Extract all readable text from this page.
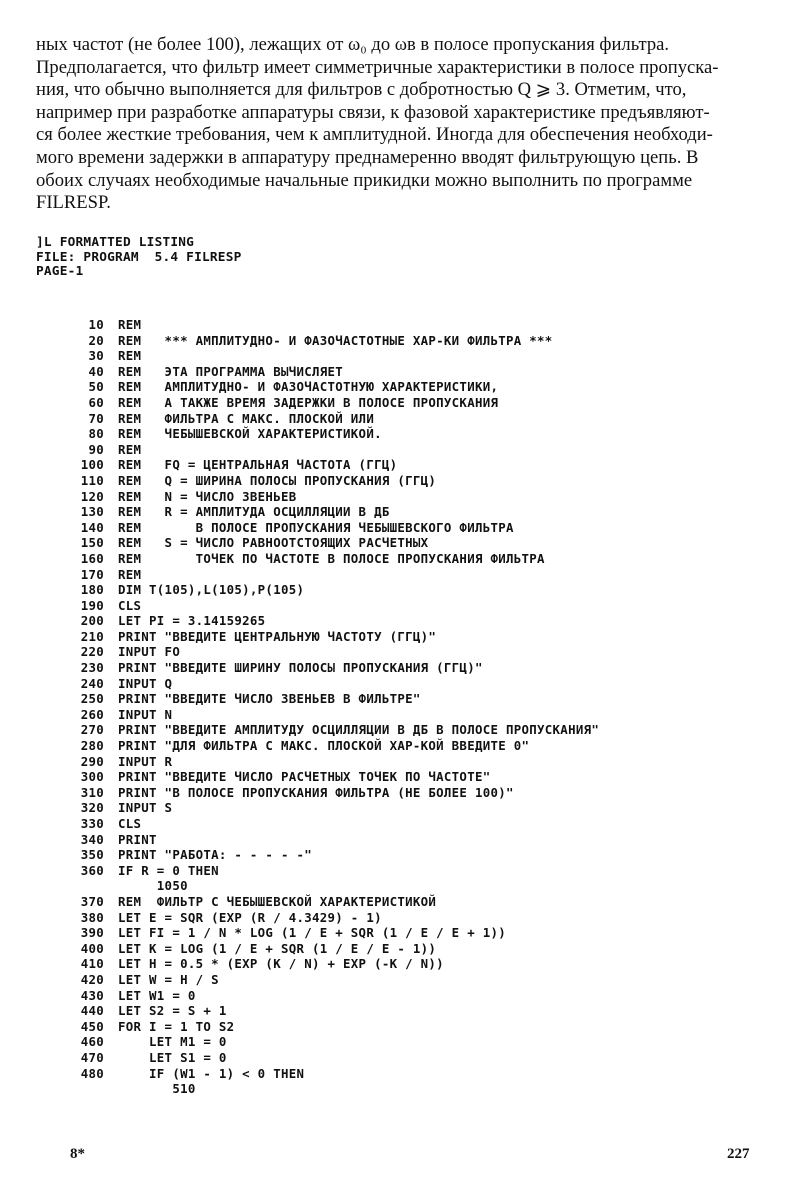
ных частот (не более 100), лежащих от ω₀ до ωв в полосе пропускания фильтра.
Предполагается, что фильтр имеет симметричные характеристики в полосе пропуска-
ния, что обычно выполняется для фильтров с добротностью Q ⩾ 3. Отметим, что,
например при разработке аппаратуры связи, к фазовой характеристике предъявляют-
ся более жесткие требования, чем к амплитудной. Иногда для обеспечения необходи-
мого времени задержки в аппаратуру преднамеренно вводят фильтрующую цепь. В
обоих случаях необходимые начальные прикидки можно выполнить по программе
FILRESP.

]L FORMATTED LISTING
FILE: PROGRAM  5.4 FILRESP
PAGE-1
10 REM
20 REM   *** АМПЛИТУДНО- И ФАЗОЧАСТОТНЫЕ ХАР-КИ ФИЛЬТРА ***
30 REM
40 REM   ЭТА ПРОГРАММА ВЫЧИСЛЯЕТ
50 REM   АМПЛИТУДНО- И ФАЗОЧАСТОТНУЮ ХАРАКТЕРИСТИКИ,
60 REM   А ТАКЖЕ ВРЕМЯ ЗАДЕРЖКИ В ПОЛОСЕ ПРОПУСКАНИЯ
70 REM   ФИЛЬТРА С МАКС. ПЛОСКОЙ ИЛИ
80 REM   ЧЕБЫШЕВСКОЙ ХАРАКТЕРИСТИКОЙ.
90 REM
100 REM   FQ = ЦЕНТРАЛЬНАЯ ЧАСТОТА (ГГЦ)
110 REM   Q = ШИРИНА ПОЛОСЫ ПРОПУСКАНИЯ (ГГЦ)
120 REM   N = ЧИСЛО ЗВЕНЬЕВ
130 REM   R = АМПЛИТУДА ОСЦИЛЛЯЦИИ В ДБ
140 REM       В ПОЛОСЕ ПРОПУСКАНИЯ ЧЕБЫШЕВСКОГО ФИЛЬТРА
150 REM   S = ЧИСЛО РАВНООТСТОЯЩИХ РАСЧЕТНЫХ
160 REM       ТОЧЕК ПО ЧАСТОТЕ В ПОЛОСЕ ПРОПУСКАНИЯ ФИЛЬТРА
170 REM
180 DIM T(105),L(105),P(105)
190 CLS
200 LET PI = 3.14159265
210 PRINT "ВВЕДИТЕ ЦЕНТРАЛЬНУЮ ЧАСТОТУ (ГГЦ)"
220 INPUT FO
230 PRINT "ВВЕДИТЕ ШИРИНУ ПОЛОСЫ ПРОПУСКАНИЯ (ГГЦ)"
240 INPUT Q
250 PRINT "ВВЕДИТЕ ЧИСЛО ЗВЕНЬЕВ В ФИЛЬТРЕ"
260 INPUT N
270 PRINT "ВВЕДИТЕ АМПЛИТУДУ ОСЦИЛЛЯЦИИ В ДБ В ПОЛОСЕ ПРОПУСКАНИЯ"
280 PRINT "ДЛЯ ФИЛЬТРА С МАКС. ПЛОСКОЙ ХАР-КОЙ ВВЕДИТЕ 0"
290 INPUT R
300 PRINT "ВВЕДИТЕ ЧИСЛО РАСЧЕТНЫХ ТОЧЕК ПО ЧАСТОТЕ"
310 PRINT "В ПОЛОСЕ ПРОПУСКАНИЯ ФИЛЬТРА (НЕ БОЛЕЕ 100)"
320 INPUT S
330 CLS
340 PRINT
350 PRINT "РАБОТА: - - - - -"
360 IF R = 0 THEN
1050
370 REM  ФИЛЬТР С ЧЕБЫШЕВСКОЙ ХАРАКТЕРИСТИКОЙ
380 LET E = SQR (EXP (R / 4.3429) - 1)
390 LET FI = 1 / N * LOG (1 / E + SQR (1 / E / E + 1))
400 LET K = LOG (1 / E + SQR (1 / E / E - 1))
410 LET H = 0.5 * (EXP (K / N) + EXP (-K / N))
420 LET W = H / S
430 LET W1 = 0
440 LET S2 = S + 1
450 FOR I = 1 TO S2
460 LET M1 = 0
470 LET S1 = 0
480 IF (W1 - 1) < 0 THEN
510
8*	227
